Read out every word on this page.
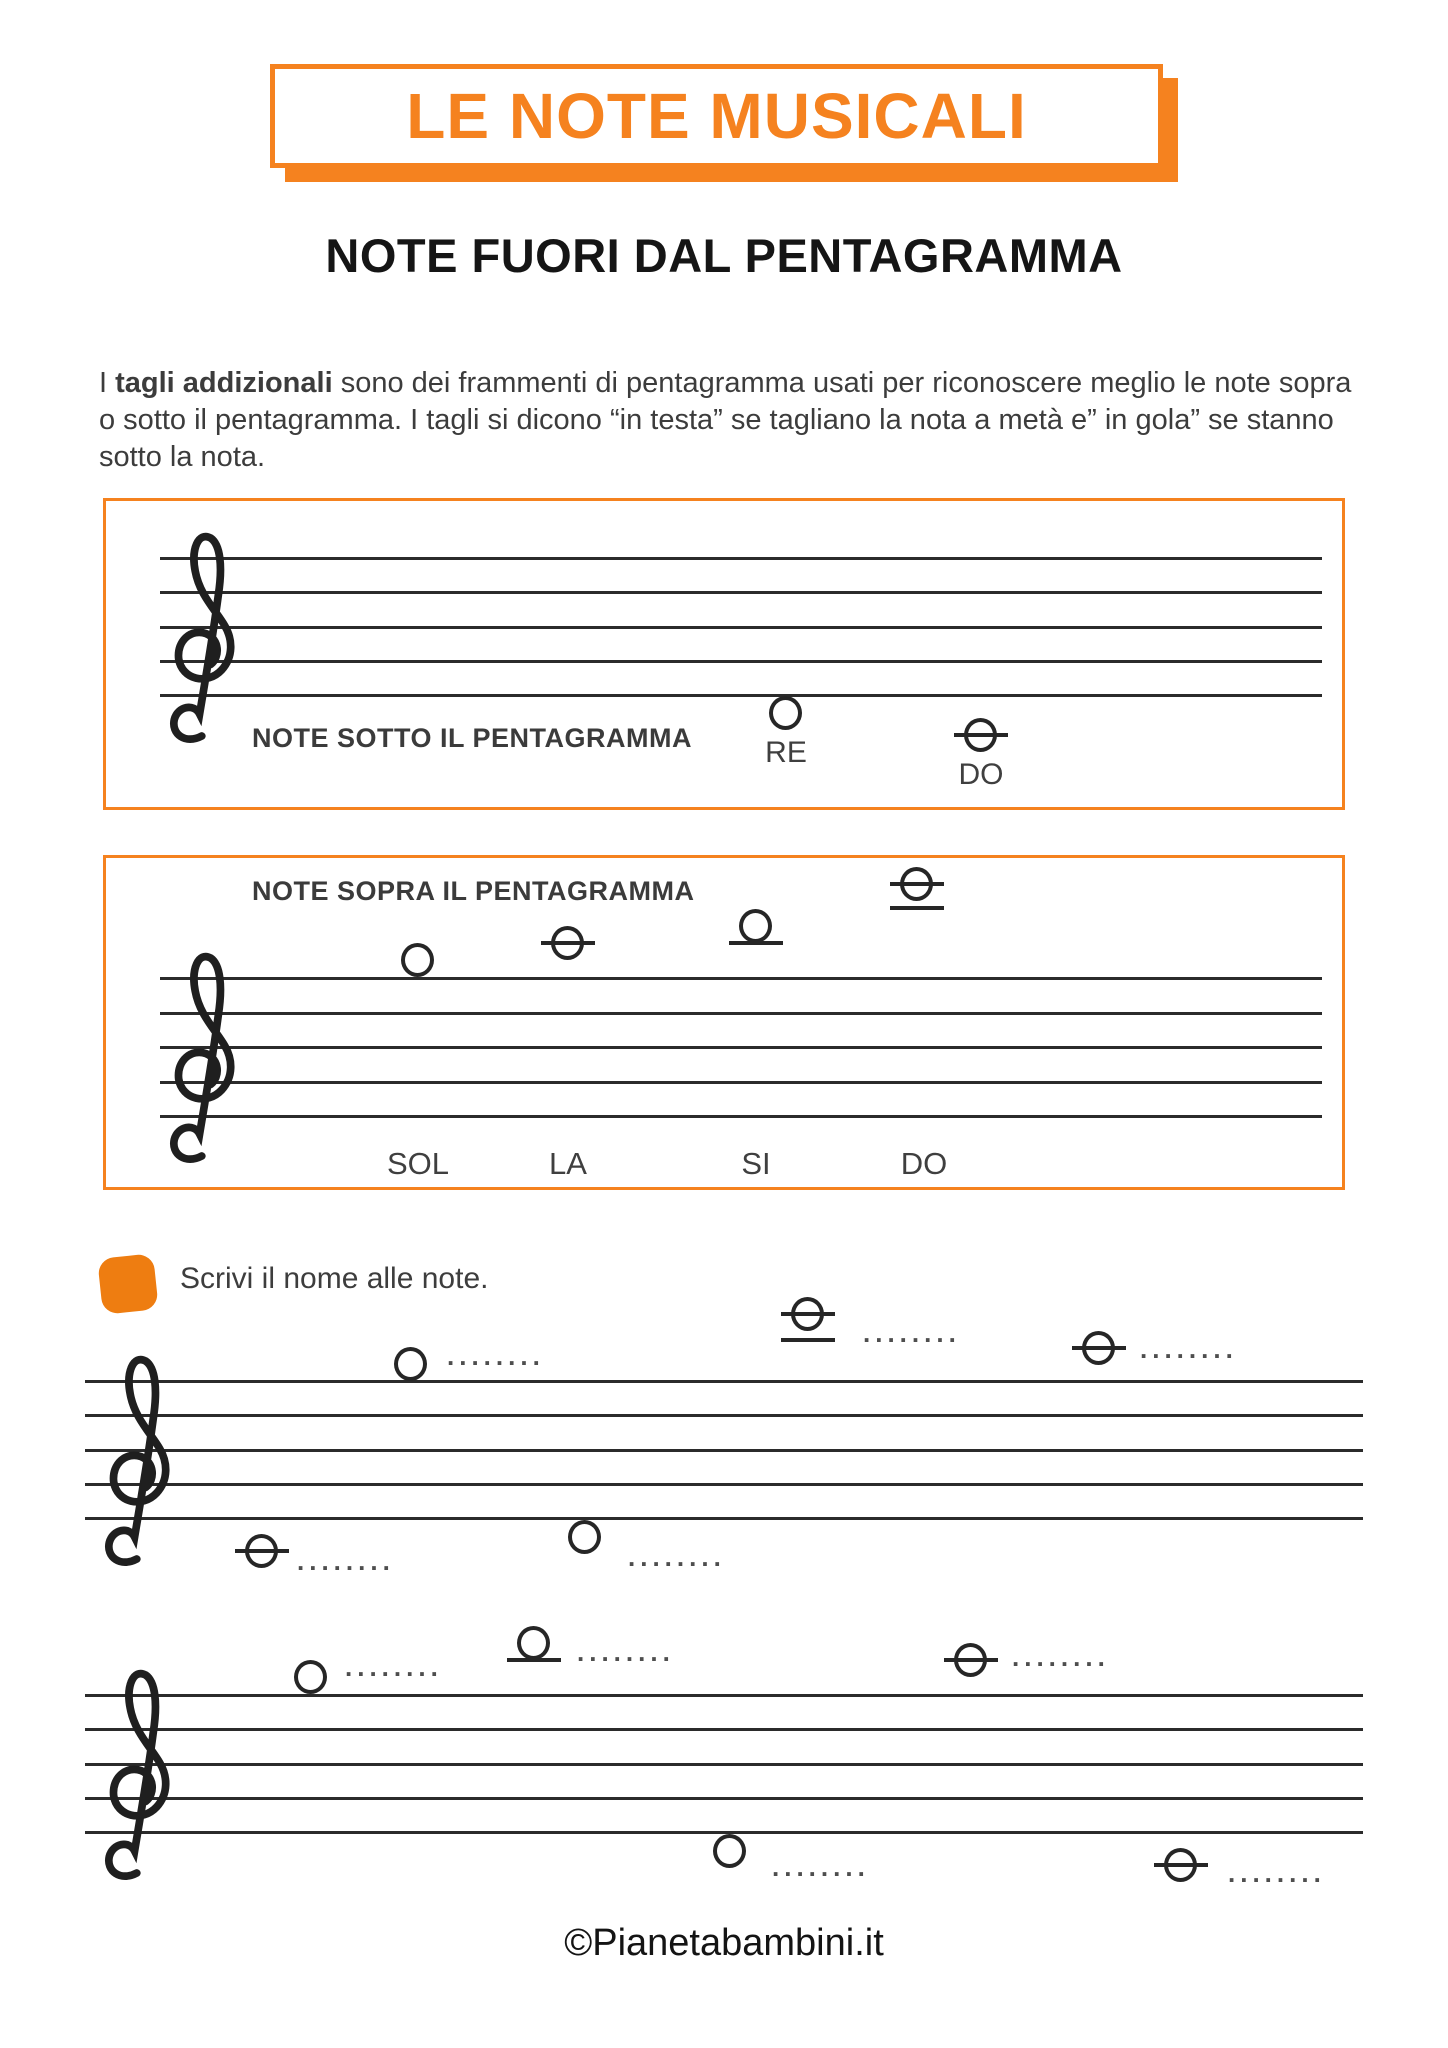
LE NOTE MUSICALI
NOTE FUORI DAL PENTAGRAMMA

I tagli addizionali sono dei frammenti di pentagramma usati per riconoscere meglio le note sopra o sotto il pentagramma. I tagli si dicono “in testa” se tagliano la nota a metà e” in gola” se stanno sotto la nota.

NOTE SOTTO IL PENTAGRAMMA	RE
DO
NOTE SOPRA IL PENTAGRAMMA
SOL	LA	SI	DO
Scrivi il nome alle note.
........
........
........
........	........
........	........	........
........	........
©Pianetabambini.it
